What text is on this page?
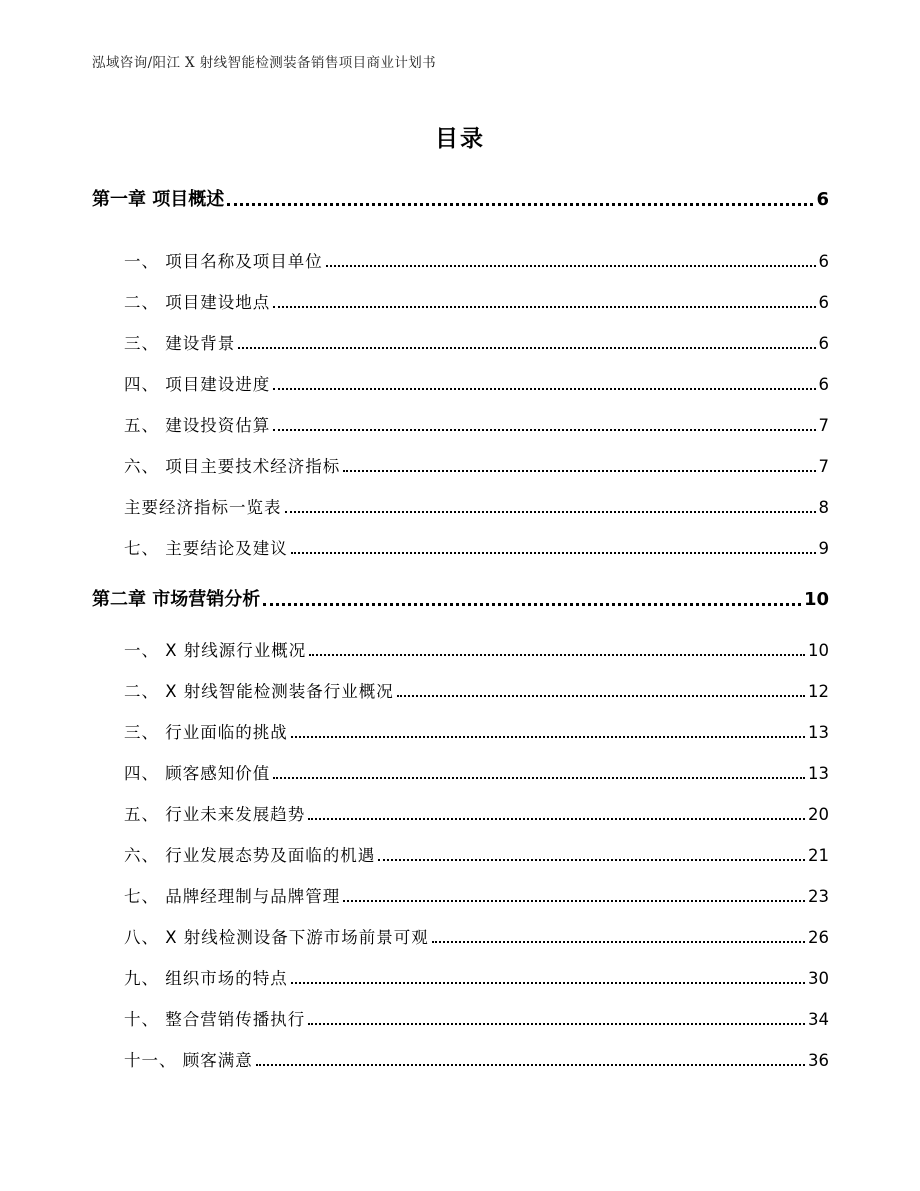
泓域咨询/阳江 X 射线智能检测装备销售项目商业计划书
目录
第一章 项目概述	6
一、 项目名称及项目单位	6
二、 项目建设地点	6
三、 建设背景	6
四、 项目建设进度	6
五、 建设投资估算	7
六、 项目主要技术经济指标	7
主要经济指标一览表	8
七、 主要结论及建议	9
第二章 市场营销分析	10
一、 X 射线源行业概况	10
二、 X 射线智能检测装备行业概况	12
三、 行业面临的挑战	13
四、 顾客感知价值	13
五、 行业未来发展趋势	20
六、 行业发展态势及面临的机遇	21
七、 品牌经理制与品牌管理	23
八、 X 射线检测设备下游市场前景可观	26
九、 组织市场的特点	30
十、 整合营销传播执行	34
十一、 顾客满意	36
